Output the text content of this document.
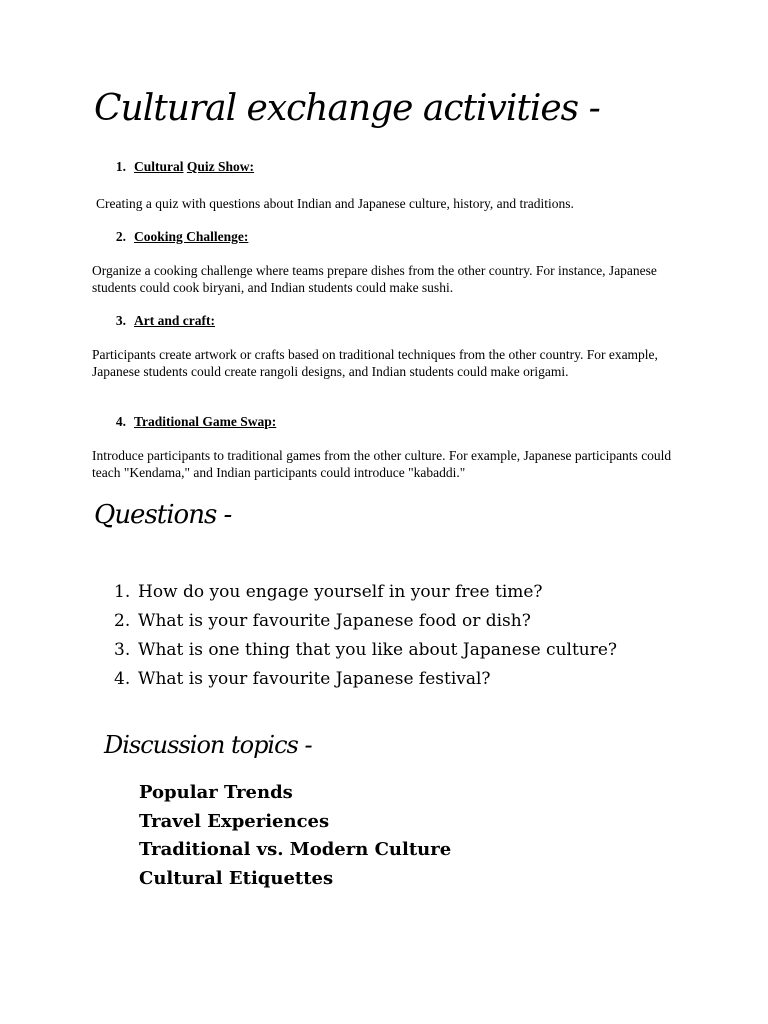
Cultural exchange activities -

1. Cultural Quiz Show:

Creating a quiz with questions about Indian and Japanese culture, history, and traditions.

2. Cooking Challenge:

Organize a cooking challenge where teams prepare dishes from the other country. For instance, Japanese students could cook biryani, and Indian students could make sushi.

3. Art and craft:

Participants create artwork or crafts based on traditional techniques from the other country. For example, Japanese students could create rangoli designs, and Indian students could make origami.

4. Traditional Game Swap:

Introduce participants to traditional games from the other culture. For example, Japanese participants could teach "Kendama," and Indian participants could introduce "kabaddi."

Questions -
1. How do you engage yourself in your free time?
2. What is your favourite Japanese food or dish?
3. What is one thing that you like about Japanese culture?
4. What is your favourite Japanese festival?
Discussion topics -
Popular Trends
Travel Experiences
Traditional vs. Modern Culture
Cultural Etiquettes
